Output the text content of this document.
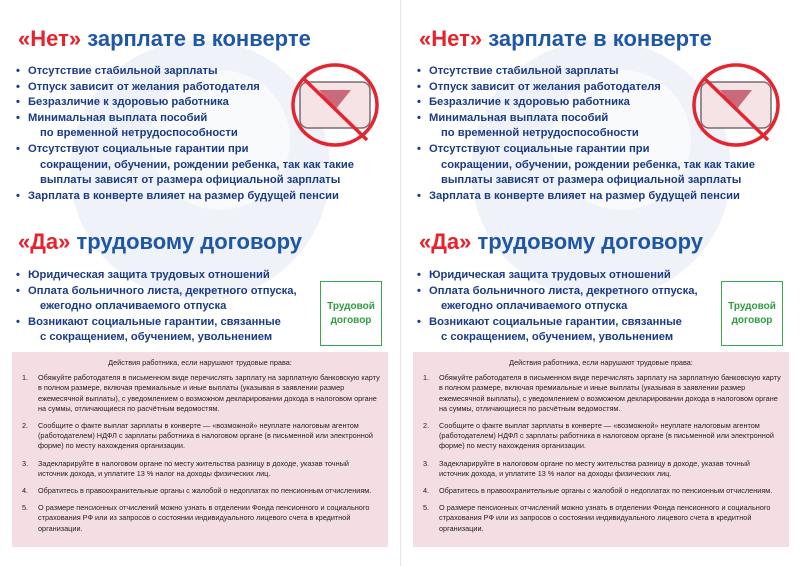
«Нет» зарплате в конверте
• Отсутствие стабильной зарплаты
• Отпуск зависит от желания работодателя
• Безразличие к здоровью работника
• Минимальная выплата пособий
по временной нетрудоспособности
• Отсутствуют социальные гарантии при
сокращении, обучении, рождении ребенка, так как такие
выплаты зависят от размера официальной зарплаты
• Зарплата в конверте влияет на размер будущей пенсии
«Да» трудовому договору
• Юридическая защита трудовых отношений
• Оплата больничного листа, декретного отпуска,
ежегодно оплачиваемого отпуска
• Возникают социальные гарантии, связанные
с сокращением, обучением, увольнением
Трудовой
договор
Действия работника, если нарушают трудовые права:
1. Обяжуйте работодателя в письменном виде перечислять зарплату на зарплатную банковскую карту в полном размере, включая премиальные и иные выплаты (указывая в заявлении размер ежемесячной выплаты), с уведомлением о возможном декларировании дохода в налоговом органе на суммы, отличающиеся по расчётным ведомостям.
2. Сообщите о факте выплат зарплаты в конверте — «возможной» неуплате налоговым агентом (работодателем) НДФЛ с зарплаты работника в налоговом органе (в письменной или электронной форме) по месту нахождения организации.
3. Задекларируйте в налоговом органе по месту жительства разницу в доходе, указав точный источник дохода, и уплатите 13 % налог на доходы физических лиц.
4. Обратитесь в правоохранительные органы с жалобой о недоплатах по пенсионным отчислениям.
5. О размере пенсионных отчислений можно узнать в отделении Фонда пенсионного и социального страхования РФ или из запросов о состоянии индивидуального лицевого счета в кредитной организации.
«Нет» зарплате в конверте
• Отсутствие стабильной зарплаты
• Отпуск зависит от желания работодателя
• Безразличие к здоровью работника
• Минимальная выплата пособий
по временной нетрудоспособности
• Отсутствуют социальные гарантии при
сокращении, обучении, рождении ребенка, так как такие
выплаты зависят от размера официальной зарплаты
• Зарплата в конверте влияет на размер будущей пенсии
«Да» трудовому договору
• Юридическая защита трудовых отношений
• Оплата больничного листа, декретного отпуска,
ежегодно оплачиваемого отпуска
• Возникают социальные гарантии, связанные
с сокращением, обучением, увольнением
Трудовой
договор
Действия работника, если нарушают трудовые права:
1. Обяжуйте работодателя в письменном виде перечислять зарплату на зарплатную банковскую карту в полном размере, включая премиальные и иные выплаты (указывая в заявлении размер ежемесячной выплаты), с уведомлением о возможном декларировании дохода в налоговом органе на суммы, отличающиеся по расчётным ведомостям.
2. Сообщите о факте выплат зарплаты в конверте — «возможной» неуплате налоговым агентом (работодателем) НДФЛ с зарплаты работника в налоговом органе (в письменной или электронной форме) по месту нахождения организации.
3. Задекларируйте в налоговом органе по месту жительства разницу в доходе, указав точный источник дохода, и уплатите 13 % налог на доходы физических лиц.
4. Обратитесь в правоохранительные органы с жалобой о недоплатах по пенсионным отчислениям.
5. О размере пенсионных отчислений можно узнать в отделении Фонда пенсионного и социального страхования РФ или из запросов о состоянии индивидуального лицевого счета в кредитной организации.
